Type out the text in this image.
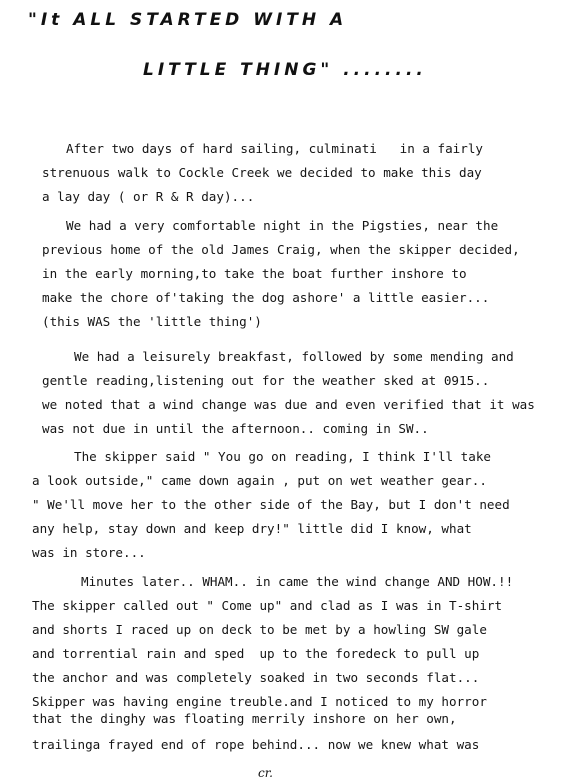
"It ALL STARTED WITH A
LITTLE THING" ........
After two days of hard sailing, culminati   in a fairly
strenuous walk to Cockle Creek we decided to make this day
a lay day ( or R & R day)...
We had a very comfortable night in the Pigsties, near the
previous home of the old James Craig, when the skipper decided,
in the early morning,to take the boat further inshore to
make the chore of'taking the dog ashore' a little easier...
(this WAS the 'little thing')
We had a leisurely breakfast, followed by some mending and
gentle reading,listening out for the weather sked at 0915..
we noted that a wind change was due and even verified that it was
was not due in until the afternoon.. coming in SW..
The skipper said " You go on reading, I think I'll take
a look outside," came down again , put on wet weather gear..
" We'll move her to the other side of the Bay, but I don't need
any help, stay down and keep dry!" little did I know, what
was in store...
Minutes later.. WHAM.. in came the wind change AND HOW.!!
The skipper called out " Come up" and clad as I was in T-shirt
and shorts I raced up on deck to be met by a howling SW gale
and torrential rain and sped  up to the foredeck to pull up
the anchor and was completely soaked in two seconds flat...
Skipper was having engine treuble.and I noticed to my horror
that the dinghy was floating merrily inshore on her own,
trailinga frayed end of rope behind... now we knew what was
cr.
